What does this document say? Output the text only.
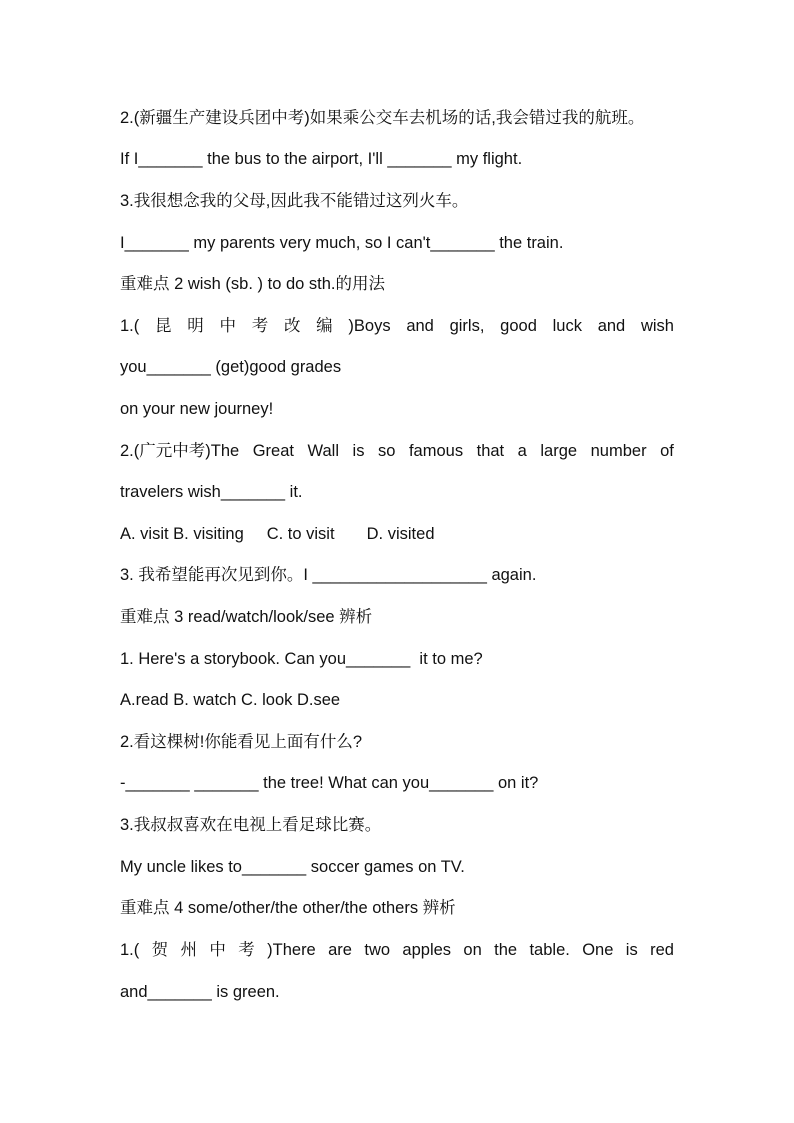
2.(新疆生产建设兵团中考)如果乘公交车去机场的话,我会错过我的航班。
If I_______ the bus to the airport, I'll _______ my flight.
3.我很想念我的父母,因此我不能错过这列火车。
I_______ my parents very much, so I can't_______ the train.
重难点 2 wish (sb. ) to do sth.的用法
1.( 昆 明 中 考 改 编 )Boys and girls, good luck and wish
you_______ (get)good grades
on your new journey!
2.(广元中考)The Great Wall is so famous that a large number of
travelers wish_______ it.
A. visit B. visiting     C. to visit       D. visited
3. 我希望能再次见到你。I ___________________ again.
重难点 3 read/watch/look/see 辨析
1. Here's a storybook. Can you_______  it to me?
A.read B. watch C. look D.see
2.看这棵树!你能看见上面有什么?
-_______ _______ the tree! What can you_______ on it?
3.我叔叔喜欢在电视上看足球比赛。
My uncle likes to_______ soccer games on TV.
重难点 4 some/other/the other/the others 辨析
1.( 贺 州 中 考 )There are two apples on the table. One is red
and_______ is green.
